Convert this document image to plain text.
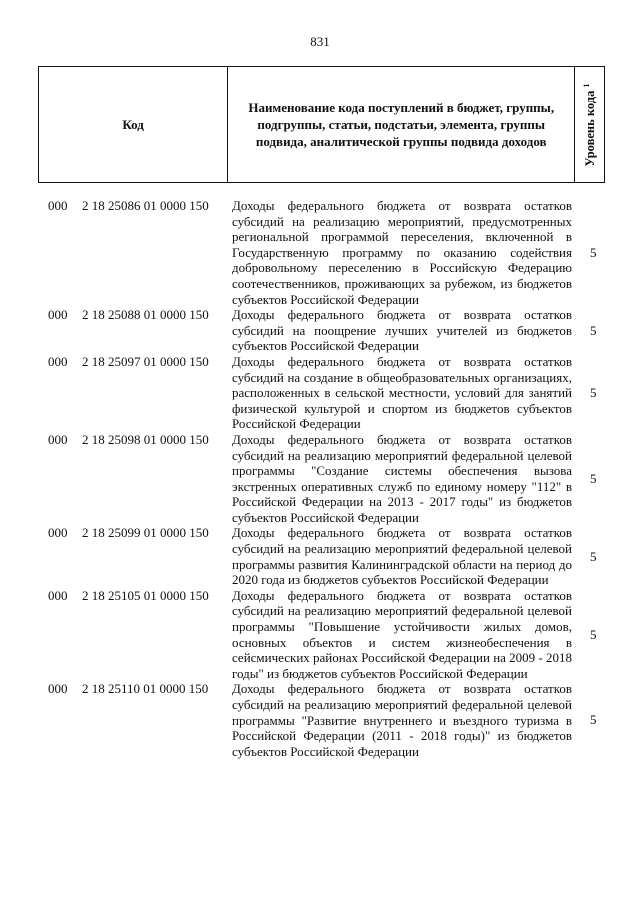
831
Код
Наименование кода поступлений в бюджет, группы, подгруппы, статьи, подстатьи, элемента, группы подвида, аналитической группы подвида доходов	Уровень кода $^1$
000 2 18 25086 01 0000 150 Доходы федерального бюджета от возврата остатков субсидий на реализацию мероприятий, предусмотренных региональной программой переселения, включенной в Государственную программу по оказанию содействия добровольному переселению в Российскую Федерацию соотечественников, проживающих за рубежом, из бюджетов субъектов Российской Федерации
5
000 2 18 25088 01 0000 150 Доходы федерального бюджета от возврата остатков субсидий на поощрение лучших учителей из бюджетов субъектов Российской Федерации
5
000 2 18 25097 01 0000 150 Доходы федерального бюджета от возврата остатков субсидий на создание в общеобразовательных организациях, расположенных в сельской местности, условий для занятий физической культурой и спортом из бюджетов субъектов Российской Федерации
5
000 2 18 25098 01 0000 150 Доходы федерального бюджета от возврата остатков субсидий на реализацию мероприятий федеральной целевой программы "Создание системы обеспечения вызова экстренных оперативных служб по единому номеру "112" в Российской Федерации на 2013 - 2017 годы" из бюджетов субъектов Российской Федерации
5
000 2 18 25099 01 0000 150 Доходы федерального бюджета от возврата остатков субсидий на реализацию мероприятий федеральной целевой программы развития Калининградской области на период до 2020 года из бюджетов субъектов Российской Федерации
5
000 2 18 25105 01 0000 150 Доходы федерального бюджета от возврата остатков субсидий на реализацию мероприятий федеральной целевой программы "Повышение устойчивости жилых домов, основных объектов и систем жизнеобеспечения в сейсмических районах Российской Федерации на 2009 - 2018 годы" из бюджетов субъектов Российской Федерации
5
000 2 18 25110 01 0000 150 Доходы федерального бюджета от возврата остатков субсидий на реализацию мероприятий федеральной целевой программы "Развитие внутреннего и въездного туризма в Российской Федерации (2011 - 2018 годы)" из бюджетов субъектов Российской Федерации
5
